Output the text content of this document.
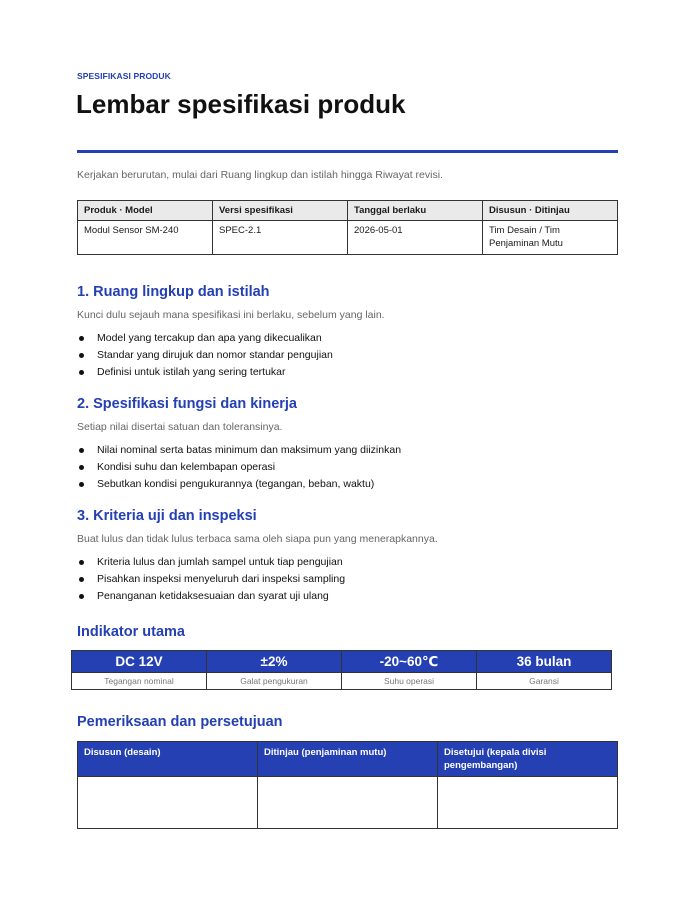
SPESIFIKASI PRODUK
Lembar spesifikasi produk
Kerjakan berurutan, mulai dari Ruang lingkup dan istilah hingga Riwayat revisi.
Produk · Model	Versi spesifikasi	Tanggal berlaku	Disusun · Ditinjau
Modul Sensor SM-240	SPEC-2.1	2026-05-01	Tim Desain / Tim Penjaminan Mutu
1. Ruang lingkup dan istilah
Kunci dulu sejauh mana spesifikasi ini berlaku, sebelum yang lain.
Model yang tercakup dan apa yang dikecualikan
Standar yang dirujuk dan nomor standar pengujian
Definisi untuk istilah yang sering tertukar
2. Spesifikasi fungsi dan kinerja
Setiap nilai disertai satuan dan toleransinya.
Nilai nominal serta batas minimum dan maksimum yang diizinkan
Kondisi suhu dan kelembapan operasi
Sebutkan kondisi pengukurannya (tegangan, beban, waktu)
3. Kriteria uji dan inspeksi
Buat lulus dan tidak lulus terbaca sama oleh siapa pun yang menerapkannya.
Kriteria lulus dan jumlah sampel untuk tiap pengujian
Pisahkan inspeksi menyeluruh dari inspeksi sampling
Penanganan ketidaksesuaian dan syarat uji ulang
Indikator utama
DC 12V	±2%	-20~60℃	36 bulan
Tegangan nominal	Galat pengukuran	Suhu operasi	Garansi
Pemeriksaan dan persetujuan
Disusun (desain)	Ditinjau (penjaminan mutu)	Disetujui (kepala divisi pengembangan)
